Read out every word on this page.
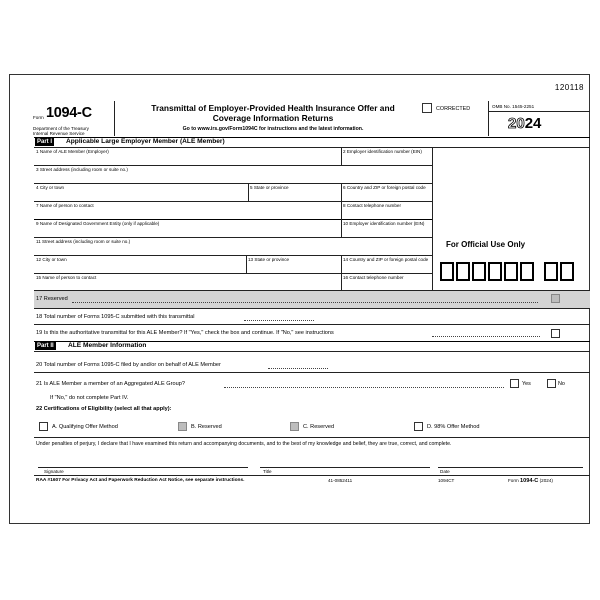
120118
Form 1094-C
Department of the Treasury
Internal Revenue Service
Transmittal of Employer-Provided Health Insurance Offer and
Coverage Information Returns
Go to www.irs.gov/Form1094C for instructions and the latest information.
CORRECTED	OMB No. 1545-2251
2024
Part I	Applicable Large Employer Member (ALE Member)
1 Name of ALE Member (Employer)	2 Employer identification number (EIN)
3 Street address (including room or suite no.)
4 City or town	5 State or province	6 Country and ZIP or foreign postal code
7 Name of person to contact	8 Contact telephone number
9 Name of Designated Government Entity (only if applicable)	10 Employer identification number (EIN)
11 Street address (including room or suite no.)
12 City or town	13 State or province	14 Country and ZIP or foreign postal code
15 Name of person to contact	16 Contact telephone number
For Official Use Only
17 Reserved
18 Total number of Forms 1095-C submitted with this transmittal
19 Is this the authoritative transmittal for this ALE Member? If "Yes," check the box and continue. If "No," see instructions
Part II	ALE Member Information
20 Total number of Forms 1095-C filed by and/or on behalf of ALE Member
21 Is ALE Member a member of an Aggregated ALE Group?	Yes	No
If "No," do not complete Part IV.
22 Certifications of Eligibility (select all that apply):
A. Qualifying Offer Method	B. Reserved	C. Reserved	D. 98% Offer Method
Under penalties of perjury, I declare that I have examined this return and accompanying documents, and to the best of my knowledge and belief, they are true, correct, and complete.
Signature	Title	Date
RAA #1607 For Privacy Act and Paperwork Reduction Act Notice, see separate instructions.	41-0852411	1094CT	Form 1094-C (2024)
